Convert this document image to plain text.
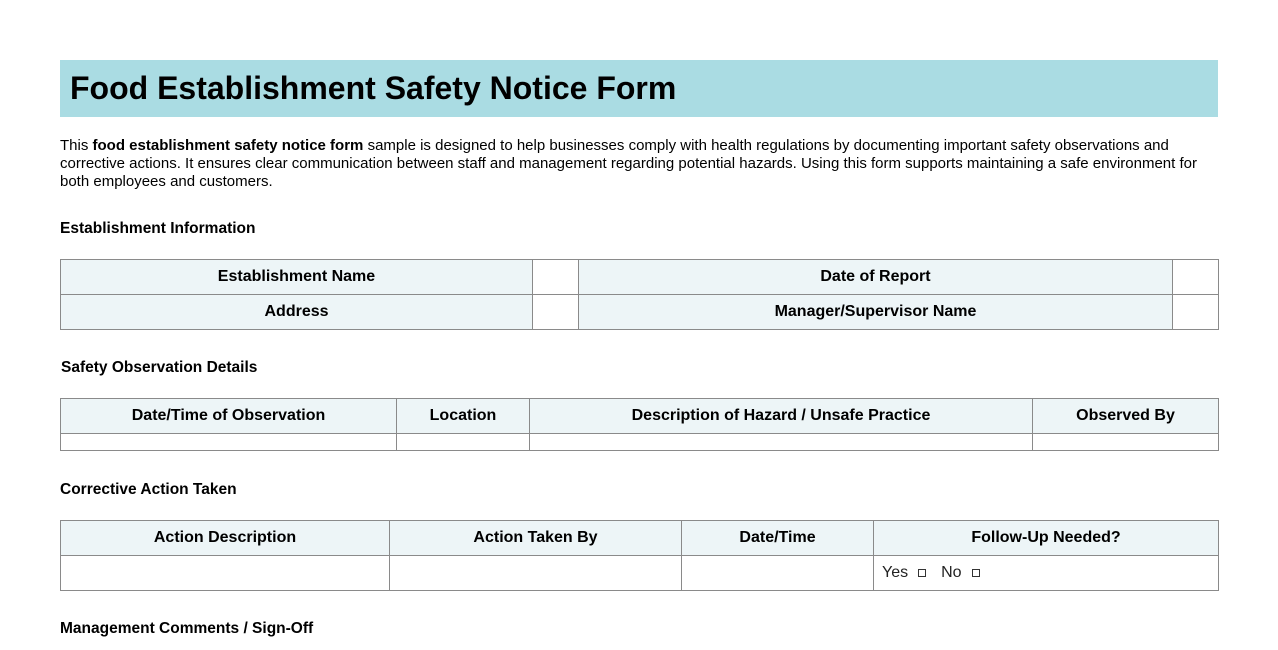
Food Establishment Safety Notice Form

This food establishment safety notice form sample is designed to help businesses comply with health regulations by documenting important safety observations and corrective actions. It ensures clear communication between staff and management regarding potential hazards. Using this form supports maintaining a safe environment for both employees and customers.

Establishment Information
Establishment Name		Date of Report	
Address		Manager/Supervisor Name	
Safety Observation Details
Date/Time of Observation	Location	Description of Hazard / Unsafe Practice	Observed By

Corrective Action Taken
Action Description	Action Taken By	Date/Time	Follow-Up Needed?
			Yes No
Management Comments / Sign-Off
